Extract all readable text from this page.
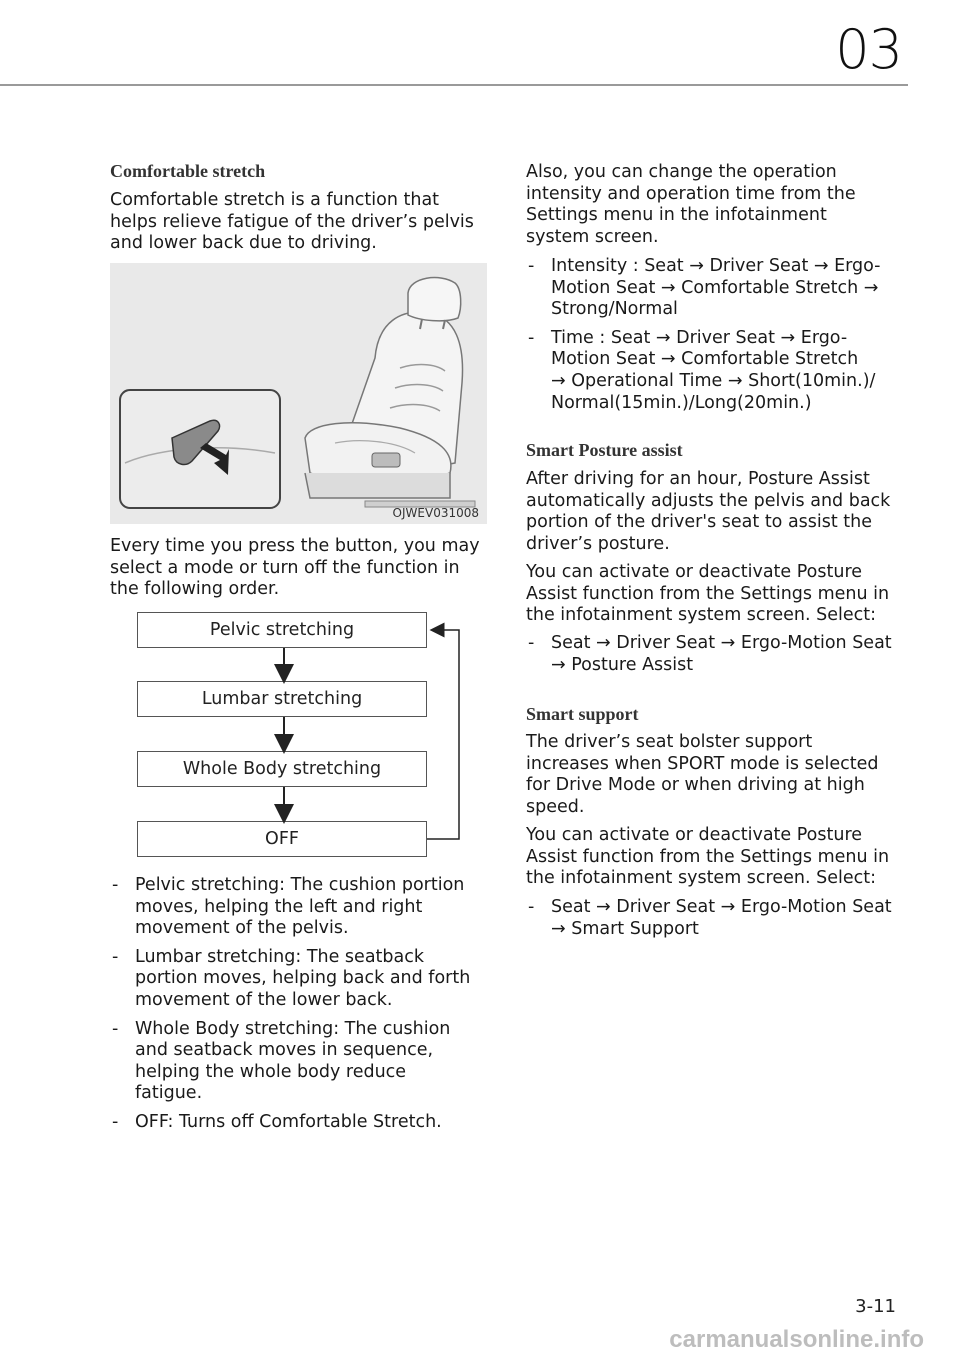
03
Comfortable stretch

Comfortable stretch is a function that
helps relieve fatigue of the driver’s pelvis
and lower back due to driving.

OJWEV031008

Every time you press the button, you may
select a mode or turn off the function in
the following order.

Pelvic stretching
Lumbar stretching
Whole Body stretching
OFF
- Pelvic stretching: The cushion portion
moves, helping the left and right
movement of the pelvis.
- Lumbar stretching: The seatback
portion moves, helping back and forth
movement of the lower back.
- Whole Body stretching: The cushion
and seatback moves in sequence,
helping the whole body reduce
fatigue.
- OFF: Turns off Comfortable Stretch.

Also, you can change the operation
intensity and operation time from the
Settings menu in the infotainment
system screen.

- Intensity : Seat → Driver Seat → Ergo-
Motion Seat → Comfortable Stretch →
Strong/Normal
- Time : Seat → Driver Seat → Ergo-
Motion Seat → Comfortable Stretch
→ Operational Time → Short(10min.)/
Normal(15min.)/Long(20min.)
Smart Posture assist

After driving for an hour, Posture Assist
automatically adjusts the pelvis and back
portion of the driver's seat to assist the
driver’s posture.

You can activate or deactivate Posture
Assist function from the Settings menu in
the infotainment system screen. Select:

- Seat → Driver Seat → Ergo-Motion Seat
→ Posture Assist
Smart support

The driver’s seat bolster support
increases when SPORT mode is selected
for Drive Mode or when driving at high
speed.

You can activate or deactivate Posture
Assist function from the Settings menu in
the infotainment system screen. Select:

- Seat → Driver Seat → Ergo-Motion Seat
→ Smart Support
3-11
carmanualsonline.info
